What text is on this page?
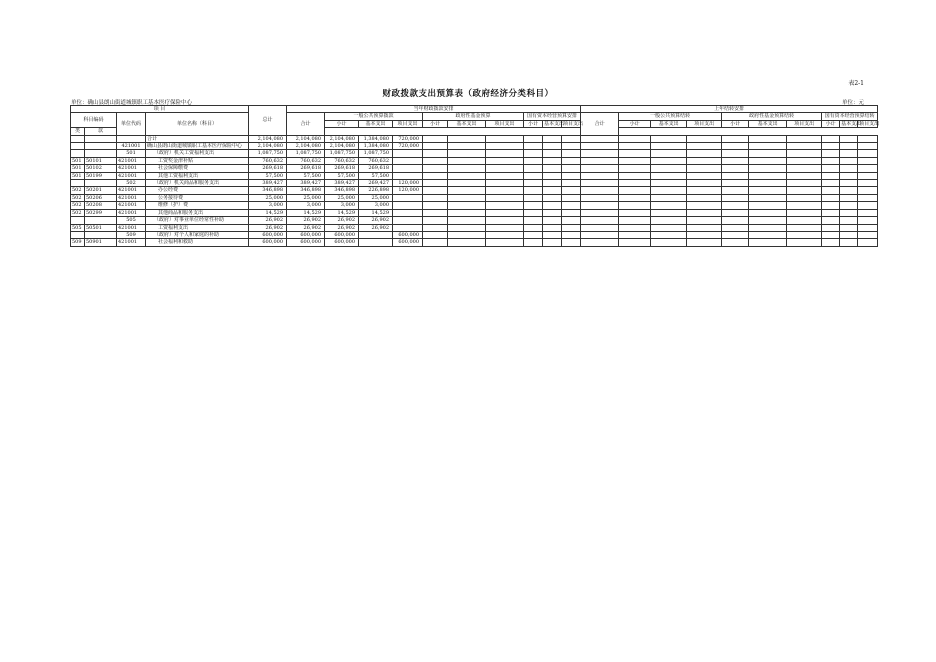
表2-1
财政拨款支出预算表（政府经济分类科目）
单位：确山县朗山街道城镇职工基本医疗保险中心	单位：元
项 目				总计	当年财政拨款安排										上年结转安排									
科目编码		单位代码	单位名称（科目）		合计	一般公共预算拨款			政府性基金预算			国有资本经营预算安排			合计	一般公共预算结转			政府性基金预算结转			国有资本经营预算结转		
						小计	基本支出	项目支出	小计	基本支出	项目支出	小计	基本支出	项目支出		小计	基本支出	项目支出	小计	基本支出	项目支出	小计	基本支出	项目支出
类	款																							
			合计	2,104,080	2,104,080	2,104,080	1,384,080	720,000																
		421001	确山县朗山街道城镇职工基本医疗保险中心	2,104,080	2,104,080	2,104,080	1,384,080	720,000																
		501	（政府）机关工资福利支出	1,087,750	1,087,750	1,087,750	1,087,750																	
501	50101	421001	工资奖金津补贴	760,632	760,632	760,632	760,632																	
501	50102	421001	社会保障缴费	269,618	269,618	269,618	269,618																	
501	50199	421001	其他工资福利支出	57,500	57,500	57,500	57,500																	
		502	（政府）机关商品和服务支出	389,427	389,427	389,427	269,427	120,000																
502	50201	421001	办公经费	346,898	346,898	346,898	226,898	120,000																
502	50206	421001	公务接待费	25,000	25,000	25,000	25,000																	
502	50208	421001	维修（护）费	3,000	3,000	3,000	3,000																	
502	50299	421001	其他商品和服务支出	14,529	14,529	14,529	14,529																	
		505	（政府）对事业单位经常性补助	26,902	26,902	26,902	26,902																	
505	50501	421001	工资福利支出	26,902	26,902	26,902	26,902																	
		509	（政府）对个人和家庭的补助	600,000	600,000	600,000		600,000																
509	50901	421001	社会福利和救助	600,000	600,000	600,000		600,000																
